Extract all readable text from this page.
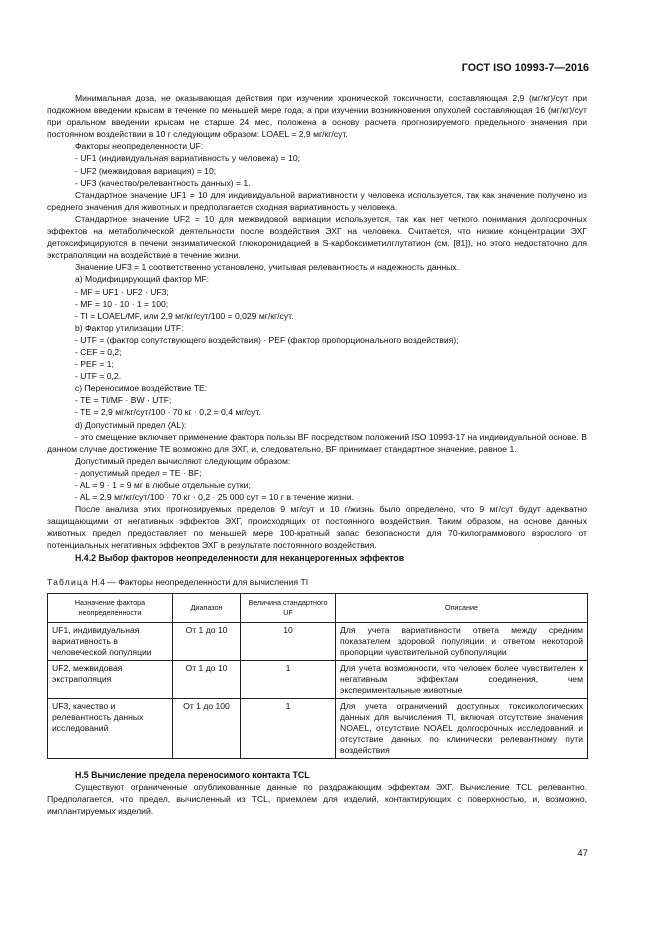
ГОСТ ISO 10993-7—2016

Минимальная доза, не оказывающая действия при изучении хронической токсичности, составляющая 2,9 (мг/кг)/сут при подкожном введении крысам в течение по меньшей мере года, а при изучении возникновения опухолей составляющая 16 (мг/кг)/сут при оральном введении крысам не старше 24 мес, положена в основу расчета прогнозируемого предельного значения при постоянном воздействии в 10 г следующим образом: LOAEL = 2,9 мг/кг/сут.

Факторы неопределенности UF:

- UF1 (индивидуальная вариативность у человека) = 10;

- UF2 (межвидовая вариация) = 10;

- UF3 (качество/релевантность данных) = 1.

Стандартное значение UF1 = 10 для индивидуальной вариативности у человека используется, так как значение получено из среднего значения для животных и предполагается сходная вариативность у человека.

Стандартное значение UF2 = 10 для межвидовой вариации используется, так как нет четкого понимания долгосрочных эффектов на метаболической деятельности после воздействия ЭХГ на человека. Считается, что низкие концентрации ЭХГ детоксифицируются в печени энзиматической глюкоронидацией в S-карбоксиметилглутатион (см. [81]), но этого недостаточно для экстраполяции на воздействие в течение жизни.

Значение UF3 = 1 соответственно установлено, учитывая релевантность и надежность данных.

a) Модифицирующий фактор MF:

- MF = UF1 · UF2 · UF3;

- MF = 10 · 10 · 1 = 100;

- TI = LOAEL/MF, или 2,9 мг/кг/сут/100 = 0,029 мг/кг/сут.

b) Фактор утилизации UTF:

- UTF = (фактор сопутствующего воздействия) · PEF (фактор пропорционального воздействия);

- CEF = 0,2;

- PEF = 1;

- UTF = 0,2.

c) Переносимое воздействие TE:

- TE = TI/MF · BW · UTF;

- TE = 2,9 мг/кг/сут/100 · 70 кг · 0,2 = 0,4 мг/сут.

d) Допустимый предел (AL):

- это смещение включает применение фактора пользы BF посредством положений ISO 10993-17 на индивидуальной основе. В данном случае достижение TE возможно для ЭХГ, и, следовательно, BF принимает стандартное значение, равное 1.

Допустимый предел вычисляют следующим образом:

- допустимый предел = TE · BF;

- AL = 9 · 1 = 9 мг в любые отдельные сутки;

- AL = 2,9 мг/кг/сут/100 · 70 кг · 0,2 · 25 000 сут = 10 г в течение жизни.

После анализа этих прогнозируемых пределов 9 мг/сут и 10 г/жизнь было определено, что 9 мг/сут будут адекватно защищающими от негативных эффектов ЭХГ, происходящих от постоянного воздействия. Таким образом, на основе данных животных предел предоставляет по меньшей мере 100-кратный запас безопасности для 70-килограммового взрослого от потенциальных негативных эффектов ЭХГ в результате постоянного воздействия.

Н.4.2 Выбор факторов неопределенности для неканцерогенных эффектов

Таблица Н.4 — Факторы неопределенности для вычисления TI

Назначение фактора неопределенности	Диапазон	Величина стандартного UF	Описание
UF1, индивидуальная вариативность в человеческой популяции	От 1 до 10	10	Для учета вариативности ответа между средним показателем здоровой популяции и ответом некоторой пропорции чувствительной субпопуляции
UF2, межвидовая экстраполяция	От 1 до 10	1	Для учета возможности, что человек более чувствителен к негативным эффектам соединения, чем экспериментальные животные
UF3, качество и релевантность данных исследований	От 1 до 100	1	Для учета ограничений доступных токсикологических данных для вычисления TI, включая отсутствие значения NOAEL, отсутствие NOAEL долгосрочных исследований и отсутствие данных по клинически релевантному пути воздействия

Н.5 Вычисление предела переносимого контакта TCL

Существуют ограниченные опубликованные данные по раздражающим эффектам ЭХГ. Вычисление TCL релевантно. Предполагается, что предел, вычисленный из TCL, приемлем для изделий, контактирующих с поверхностью, и, возможно, имплантируемых изделий.

47
